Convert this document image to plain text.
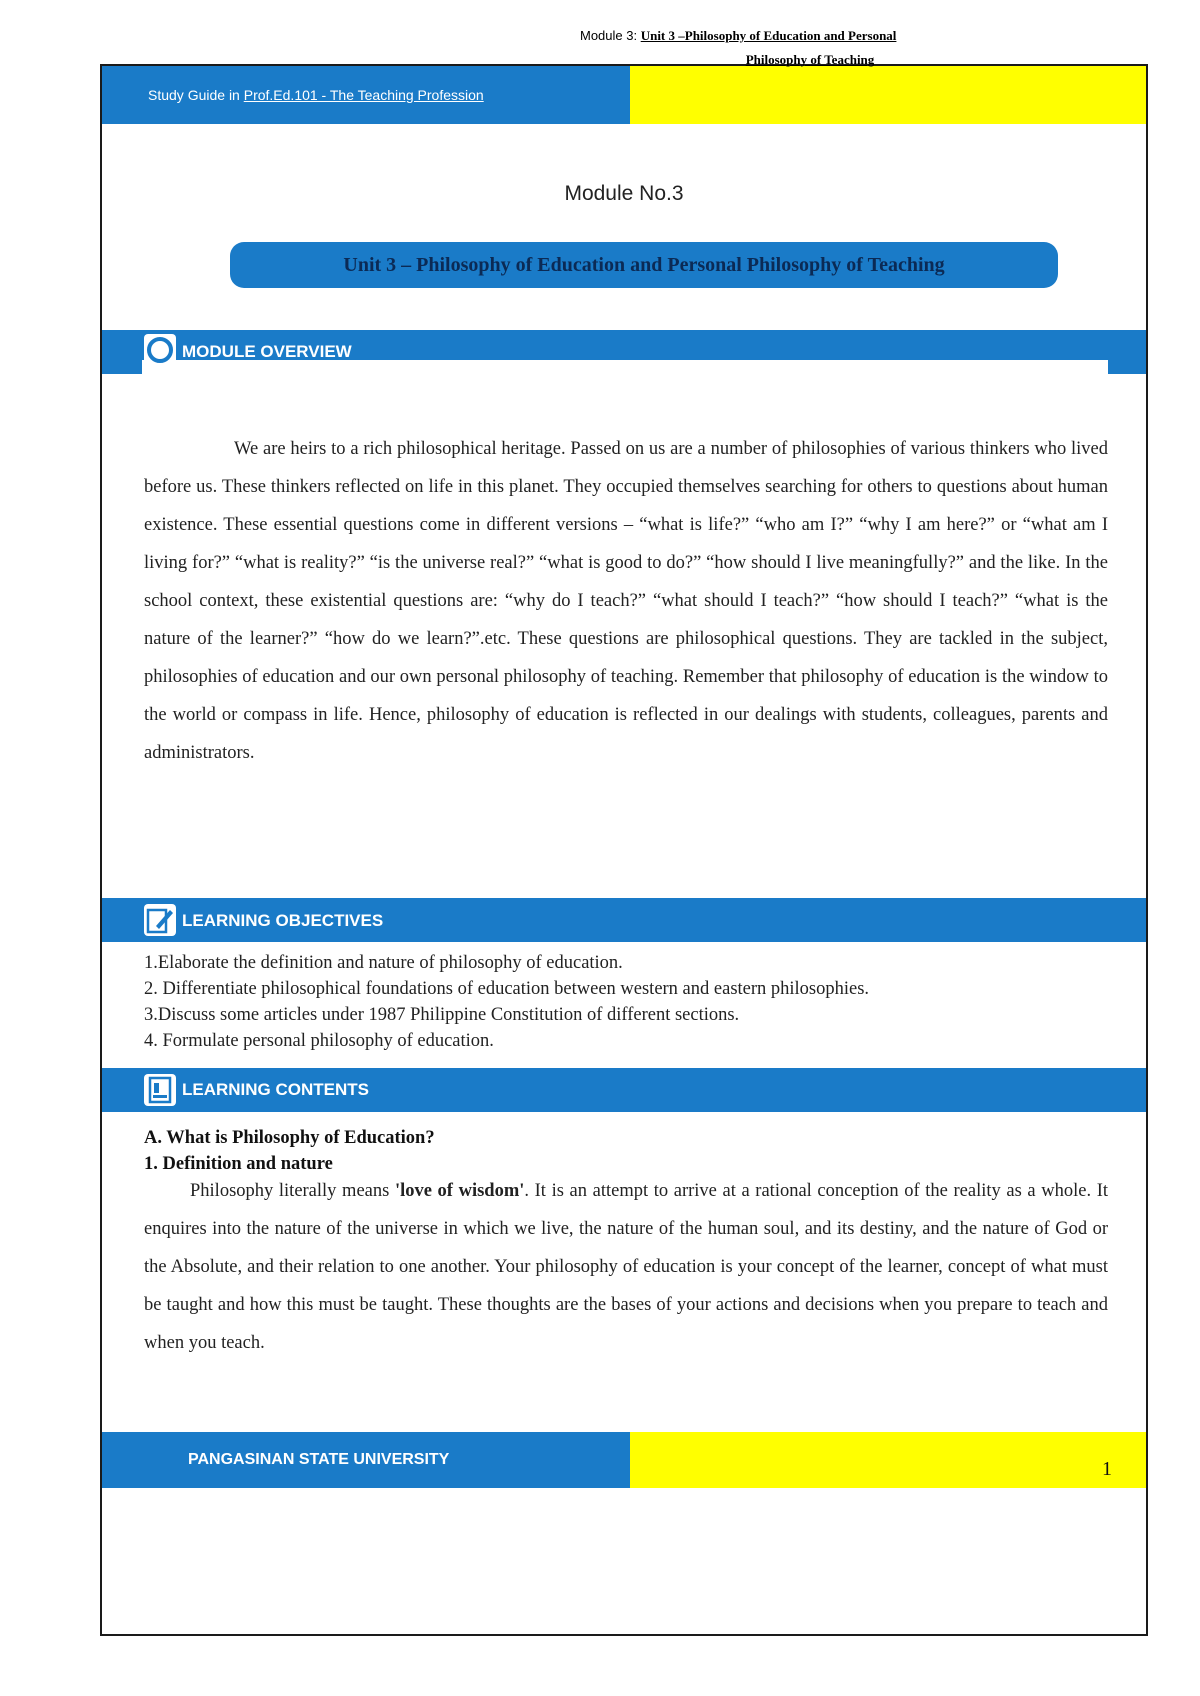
Study Guide in
Prof.Ed.101 - The Teaching Profession
Module No.3
Unit 3 – Philosophy of Education and Personal Philosophy of Teaching
MODULE OVERVIEW
We are heirs to a rich philosophical heritage. Passed on us are a number of philosophies of various thinkers who lived before us. These thinkers reflected on life in this planet. They occupied themselves searching for others to questions about human existence. These essential questions come in different versions – “what is life?” “who am I?” “why I am here?” or “what am I living for?” “what is reality?” “is the universe real?” “what is good to do?” “how should I live meaningfully?” and the like. In the school context, these existential questions are: “why do I teach?” “what should I teach?” “how should I teach?” “what is the nature of the learner?” “how do we learn?”.etc. These questions are philosophical questions. They are tackled in the subject, philosophies of education and our own personal philosophy of teaching. Remember that philosophy of education is the window to the world or compass in life. Hence, philosophy of education is reflected in our dealings with students, colleagues, parents and administrators.
LEARNING OBJECTIVES
1.Elaborate the definition and nature of philosophy of education.
2. Differentiate philosophical foundations of education between western and eastern philosophies.
3.Discuss some articles under 1987 Philippine Constitution of different sections.
4. Formulate personal philosophy of education.
LEARNING CONTENTS
A. What is Philosophy of Education?
1. Definition and nature
Philosophy literally means 'love of wisdom'. It is an attempt to arrive at a rational conception of the reality as a whole. It enquires into the nature of the universe in which we live, the nature of the human soul, and its destiny, and the nature of God or the Absolute, and their relation to one another. Your philosophy of education is your concept of the learner, concept of what must be taught and how this must be taught. These thoughts are the bases of your actions and decisions when you prepare to teach and when you teach.
PANGASINAN STATE UNIVERSITY	1
Module 3: Unit 3 –Philosophy of Education and Personal
Philosophy of Teaching
